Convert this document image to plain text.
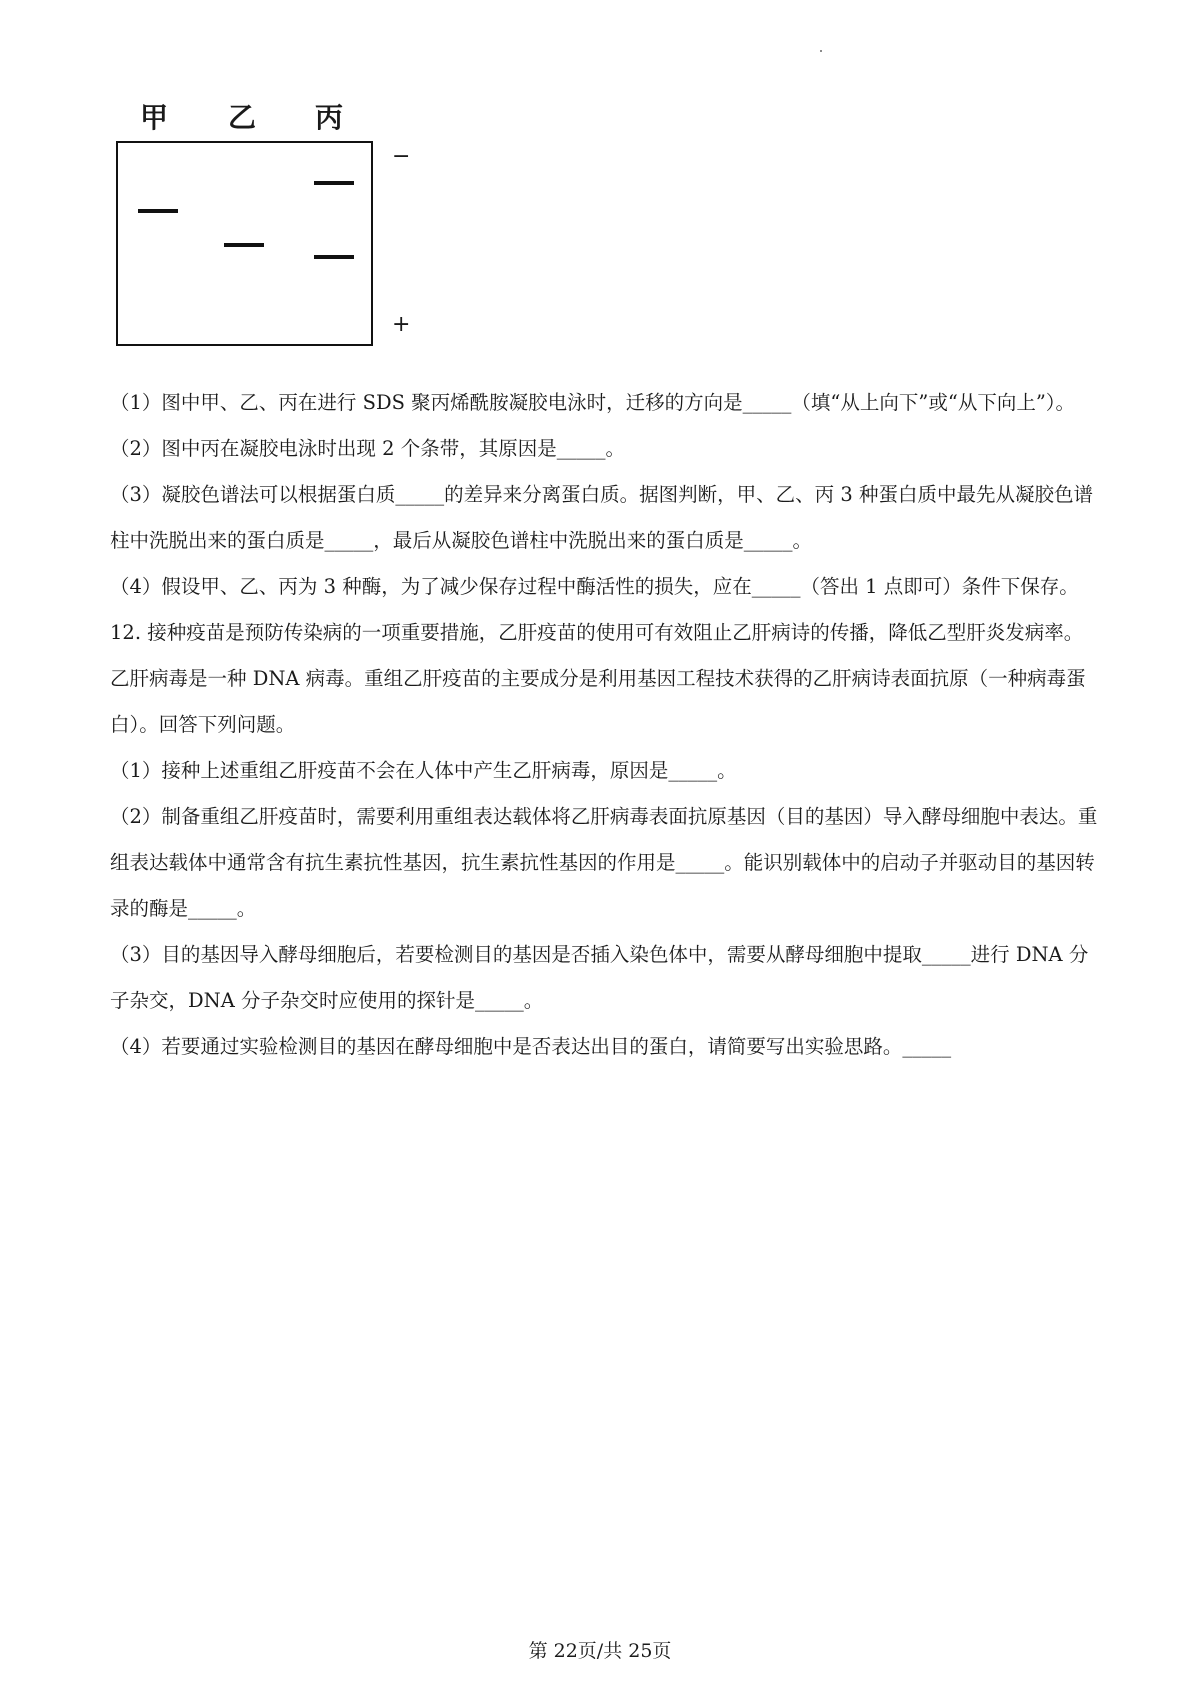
甲 乙 丙
−
+

（1）图中甲、乙、丙在进行 SDS 聚丙烯酰胺凝胶电泳时，迁移的方向是_____（填“从上向下”或“从下向上”）。

（2）图中丙在凝胶电泳时出现 2 个条带，其原因是_____。

（3）凝胶色谱法可以根据蛋白质_____的差异来分离蛋白质。据图判断，甲、乙、丙 3 种蛋白质中最先从凝胶色谱柱中洗脱出来的蛋白质是_____，最后从凝胶色谱柱中洗脱出来的蛋白质是_____。

（4）假设甲、乙、丙为 3 种酶，为了减少保存过程中酶活性的损失，应在_____（答出 1 点即可）条件下保存。

12. 接种疫苗是预防传染病的一项重要措施，乙肝疫苗的使用可有效阻止乙肝病诗的传播，降低乙型肝炎发病率。乙肝病毒是一种 DNA 病毒。重组乙肝疫苗的主要成分是利用基因工程技术获得的乙肝病诗表面抗原（一种病毒蛋白）。回答下列问题。

（1）接种上述重组乙肝疫苗不会在人体中产生乙肝病毒，原因是_____。

（2）制备重组乙肝疫苗时，需要利用重组表达载体将乙肝病毒表面抗原基因（目的基因）导入酵母细胞中表达。重组表达载体中通常含有抗生素抗性基因，抗生素抗性基因的作用是_____。能识别载体中的启动子并驱动目的基因转录的酶是_____。

（3）目的基因导入酵母细胞后，若要检测目的基因是否插入染色体中，需要从酵母细胞中提取_____进行 DNA 分子杂交，DNA 分子杂交时应使用的探针是_____。

（4）若要通过实验检测目的基因在酵母细胞中是否表达出目的蛋白，请简要写出实验思路。_____

第 22页/共 25页
